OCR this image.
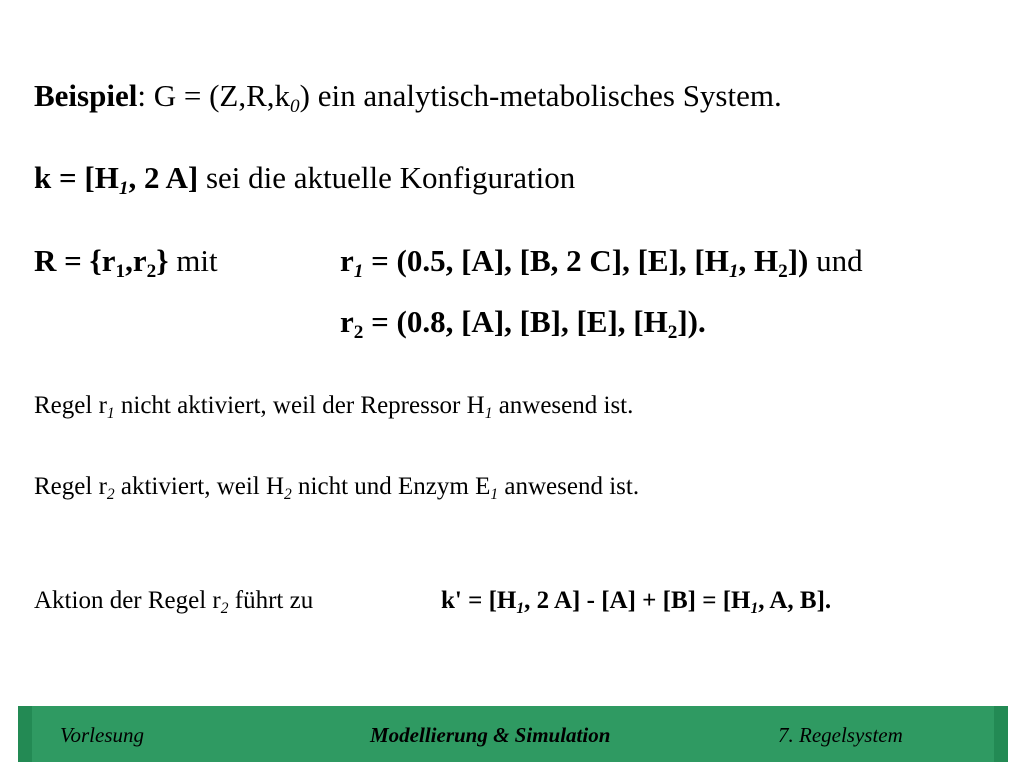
Beispiel: $G = (Z,R,k_0)$ ein analytisch-metabolisches System.
$k = [H_1$, 2 A] sei die aktuelle Konfiguration
$R = \{r_1,r_2\}$ mit	$r_1 = (0.5$, [A], [B, 2 C], [E], [$H_1$, $H_2$]) und
$r_2 = (0.8$, [A], [B], [E], $[H_2]$).
Regel $r_1$ nicht aktiviert, weil der Repressor $H_1$ anwesend ist.
Regel $r_2$ aktiviert, weil $H_2$ nicht und Enzym $E_1$ anwesend ist.
Aktion der Regel $r_2$ führt zu	$k' = [H_1$, 2 $A] - [A] + [B] = [H_1$, A, B].
Vorlesung	Modellierung & Simulation	7. Regelsystem
